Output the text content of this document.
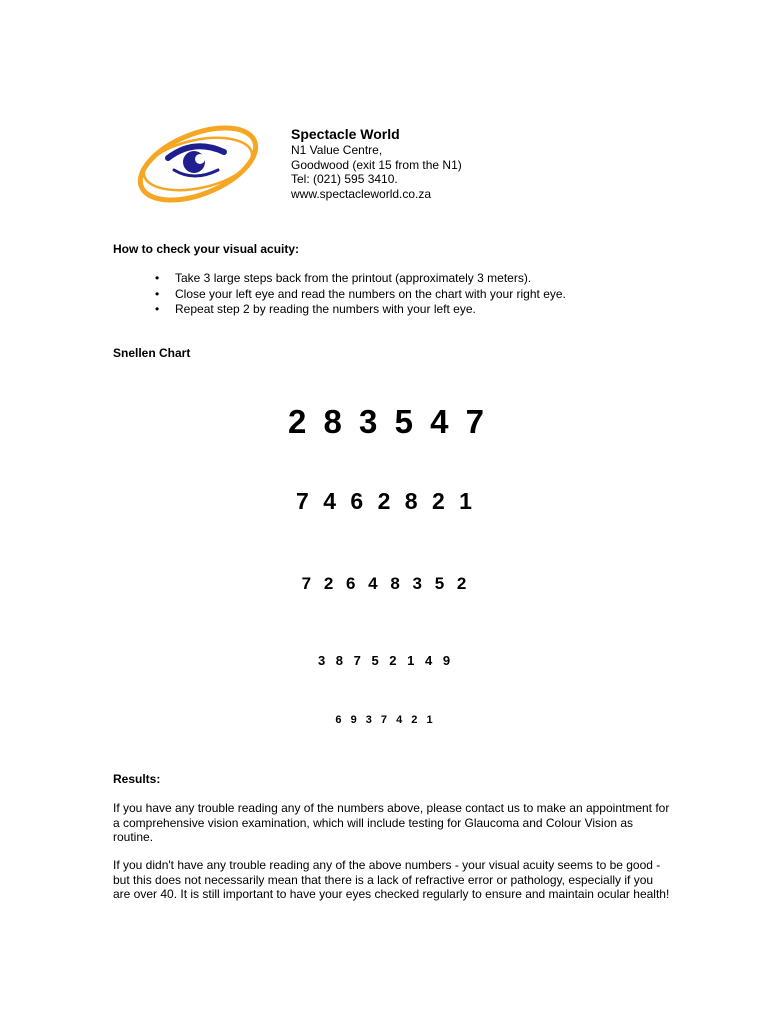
Spectacle World
N1 Value Centre,
Goodwood (exit 15 from the N1)
Tel: (021) 595 3410.
www.spectacleworld.co.za
How to check your visual acuity:
• Take 3 large steps back from the printout (approximately 3 meters).
• Close your left eye and read the numbers on the chart with your right eye.
• Repeat step 2 by reading the numbers with your left eye.
Snellen Chart
2 8 3 5 4 7
7 4 6 2 8 2 1
7 2 6 4 8 3 5 2
3 8 7 5 2 1 4 9
6 9 3 7 4 2 1
Results:

If you have any trouble reading any of the numbers above, please contact us to make an appointment for a comprehensive vision examination, which will include testing for Glaucoma and Colour Vision as routine.

If you didn't have any trouble reading any of the above numbers - your visual acuity seems to be good - but this does not necessarily mean that there is a lack of refractive error or pathology, especially if you are over 40. It is still important to have your eyes checked regularly to ensure and maintain ocular health!
